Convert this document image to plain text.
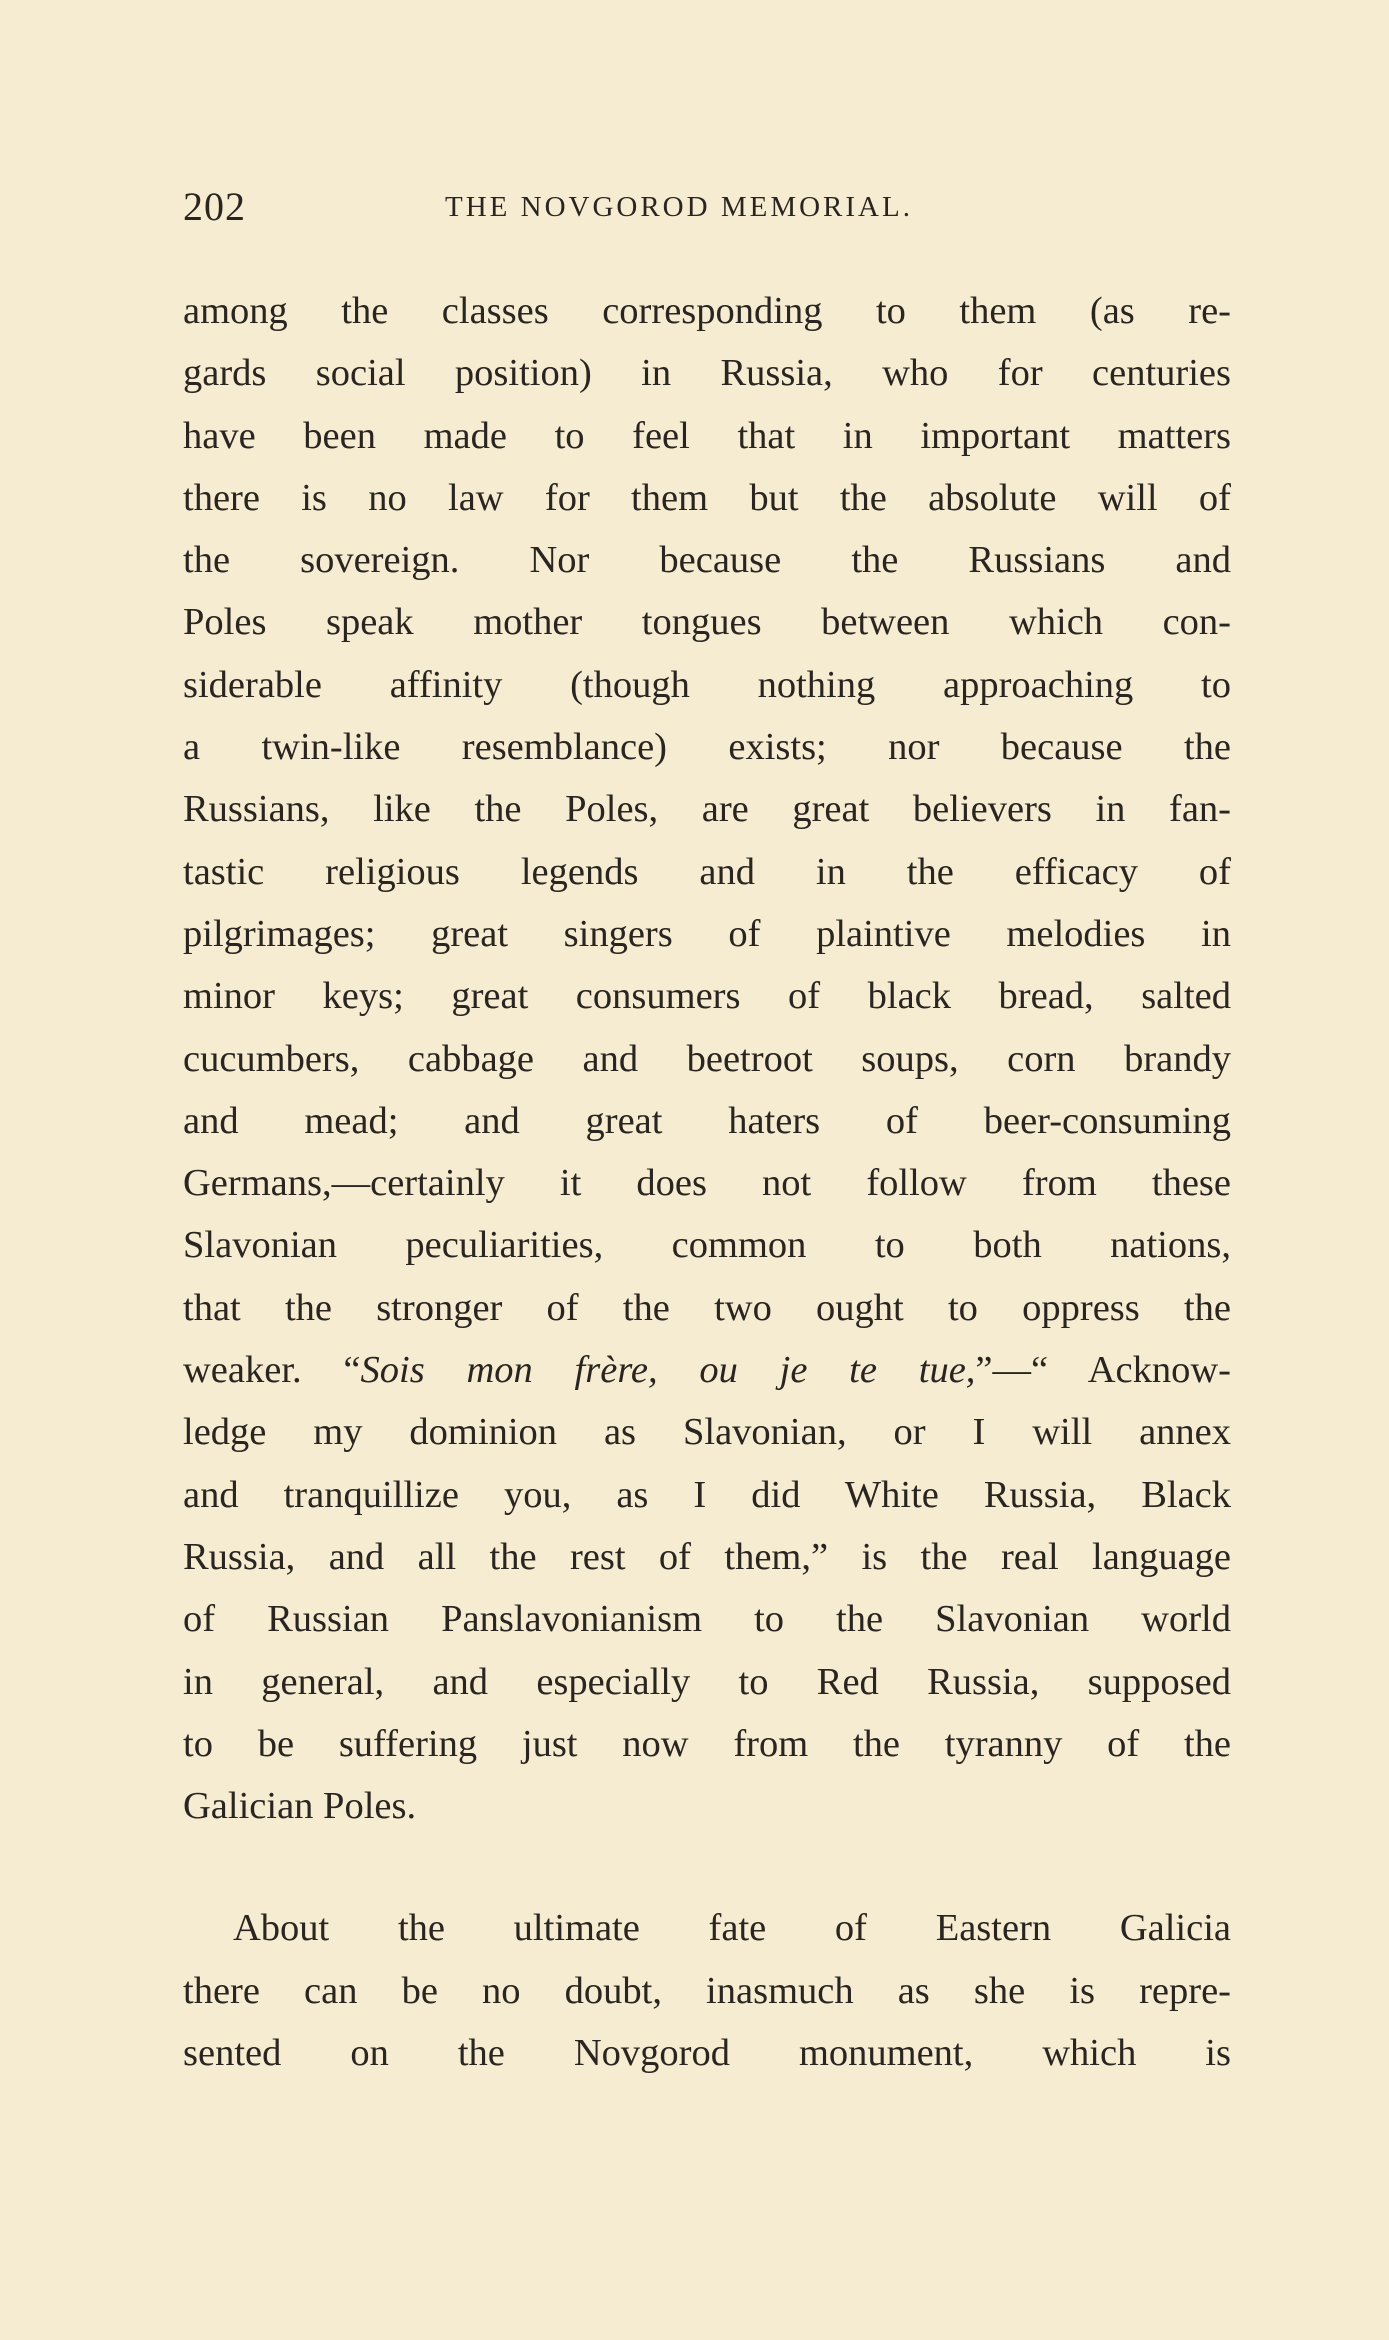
202	THE NOVGOROD MEMORIAL.
among the classes corresponding to them (as re-
gards social position) in Russia, who for centuries
have been made to feel that in important matters
there is no law for them but the absolute will of
the sovereign. Nor because the Russians and
Poles speak mother tongues between which con-
siderable affinity (though nothing approaching to
a twin-like resemblance) exists; nor because the
Russians, like the Poles, are great believers in fan-
tastic religious legends and in the efficacy of
pilgrimages; great singers of plaintive melodies in
minor keys; great consumers of black bread, salted
cucumbers, cabbage and beetroot soups, corn brandy
and mead; and great haters of beer-consuming
Germans,—certainly it does not follow from these
Slavonian peculiarities, common to both nations,
that the stronger of the two ought to oppress the
weaker. “Sois mon frère, ou je te tue,”—“ Acknow-
ledge my dominion as Slavonian, or I will annex
and tranquillize you, as I did White Russia, Black
Russia, and all the rest of them,” is the real language
of Russian Panslavonianism to the Slavonian world
in general, and especially to Red Russia, supposed
to be suffering just now from the tyranny of the
Galician Poles.
About the ultimate fate of Eastern Galicia
there can be no doubt, inasmuch as she is repre-
sented on the Novgorod monument, which is
